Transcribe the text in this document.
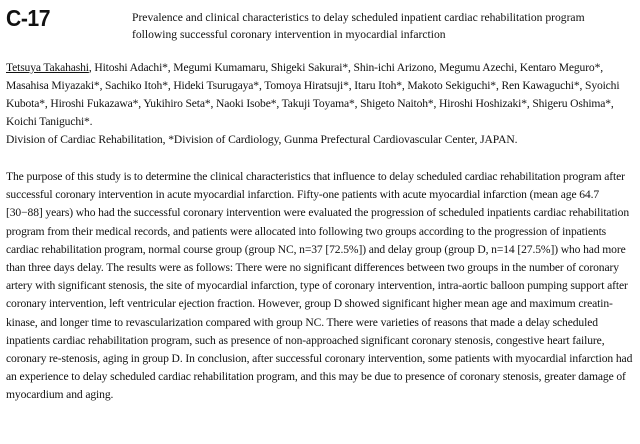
C-17	Prevalence and clinical characteristics to delay scheduled inpatient cardiac rehabilitation program following successful coronary intervention in myocardial infarction

Tetsuya Takahashi, Hitoshi Adachi*, Megumi Kumamaru, Shigeki Sakurai*, Shin-ichi Arizono, Megumu Azechi, Kentaro Meguro*, Masahisa Miyazaki*, Sachiko Itoh*, Hideki Tsurugaya*, Tomoya Hiratsuji*, Itaru Itoh*, Makoto Sekiguchi*, Ren Kawaguchi*, Syoichi Kubota*, Hiroshi Fukazawa*, Yukihiro Seta*, Naoki Isobe*, Takuji Toyama*, Shigeto Naitoh*, Hiroshi Hoshizaki*, Shigeru Oshima*, Koichi Taniguchi*.

Division of Cardiac Rehabilitation, *Division of Cardiology, Gunma Prefectural Cardiovascular Center, JAPAN.

The purpose of this study is to determine the clinical characteristics that influence to delay scheduled cardiac rehabilitation program after successful coronary intervention in acute myocardial infarction. Fifty-one patients with acute myocardial infarction (mean age 64.7 [30−88] years) who had the successful coronary intervention were evaluated the progression of scheduled inpatients cardiac rehabilitation program from their medical records, and patients were allocated into following two groups according to the progression of inpatients cardiac rehabilitation program, normal course group (group NC, n=37 [72.5%]) and delay group (group D, n=14 [27.5%]) who had more than three days delay. The results were as follows: There were no significant differences between two groups in the number of coronary artery with significant stenosis, the site of myocardial infarction, type of coronary intervention, intra-aortic balloon pumping support after coronary intervention, left ventricular ejection fraction. However, group D showed significant higher mean age and maximum creatin-kinase, and longer time to revascularization compared with group NC. There were varieties of reasons that made a delay scheduled inpatients cardiac rehabilitation program, such as presence of non-approached significant coronary stenosis, congestive heart failure, coronary re-stenosis, aging in group D. In conclusion, after successful coronary intervention, some patients with myocardial infarction had an experience to delay scheduled cardiac rehabilitation program, and this may be due to presence of coronary stenosis, greater damage of myocardium and aging.
